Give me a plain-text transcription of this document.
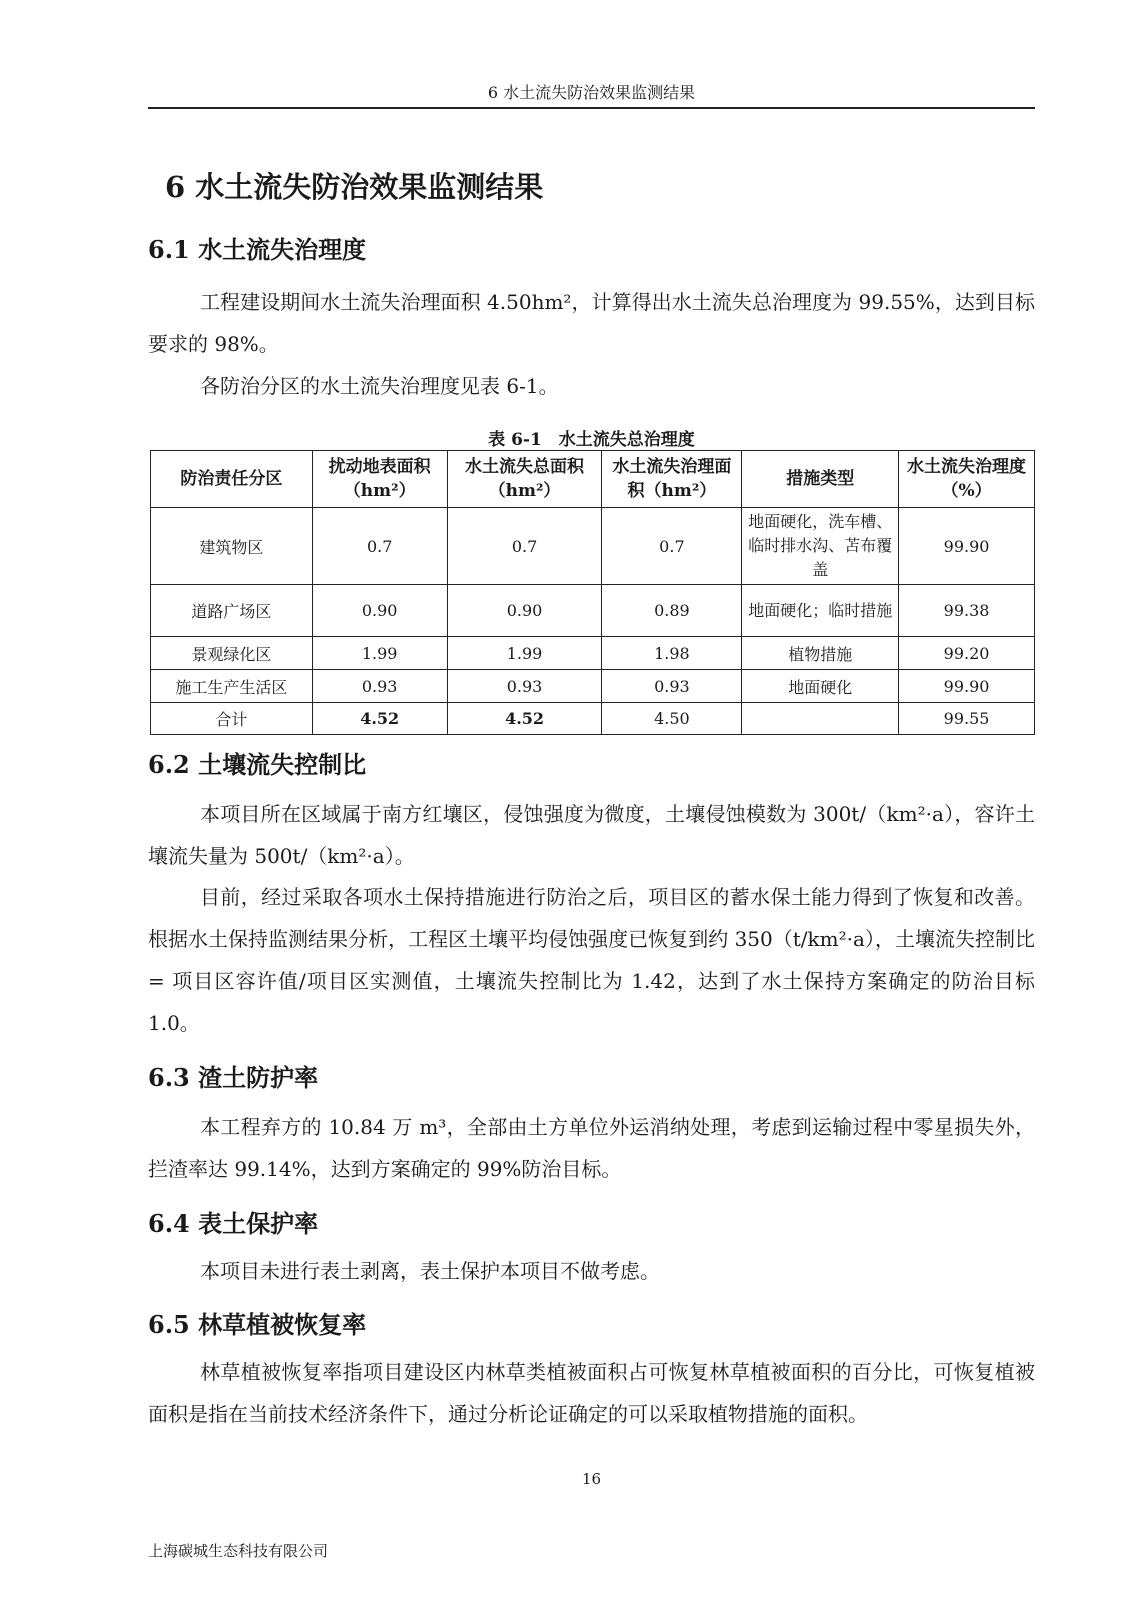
6 水土流失防治效果监测结果
6 水土流失防治效果监测结果
6.1 水土流失治理度

工程建设期间水土流失治理面积 4.50hm²，计算得出水土流失总治理度为 99.55%，达到目标要求的 98%。

各防治分区的水土流失治理度见表 6-1。

表 6-1　水土流失总治理度
防治责任分区	扰动地表面积（hm²）	水土流失总面积（hm²）	水土流失治理面积（hm²）	措施类型	水土流失治理度（%）
建筑物区	0.7	0.7	0.7	地面硬化，洗车槽、临时排水沟、苫布覆盖	99.90
道路广场区	0.90	0.90	0.89	地面硬化；临时措施	99.38
景观绿化区	1.99	1.99	1.98	植物措施	99.20
施工生产生活区	0.93	0.93	0.93	地面硬化	99.90
合计	4.52	4.52	4.50		99.55
6.2 土壤流失控制比

本项目所在区域属于南方红壤区，侵蚀强度为微度，土壤侵蚀模数为 300t/（km²·a），容许土壤流失量为 500t/（km²·a）。

目前，经过采取各项水土保持措施进行防治之后，项目区的蓄水保土能力得到了恢复和改善。根据水土保持监测结果分析，工程区土壤平均侵蚀强度已恢复到约 350（t/km²·a），土壤流失控制比 = 项目区容许值/项目区实测值，土壤流失控制比为 1.42，达到了水土保持方案确定的防治目标 1.0。

6.3 渣土防护率

本工程弃方的 10.84 万 m³，全部由土方单位外运消纳处理，考虑到运输过程中零星损失外，拦渣率达 99.14%，达到方案确定的 99%防治目标。

6.4 表土保护率

本项目未进行表土剥离，表土保护本项目不做考虑。

6.5 林草植被恢复率

林草植被恢复率指项目建设区内林草类植被面积占可恢复林草植被面积的百分比，可恢复植被面积是指在当前技术经济条件下，通过分析论证确定的可以采取植物措施的面积。

16
上海碳城生态科技有限公司
